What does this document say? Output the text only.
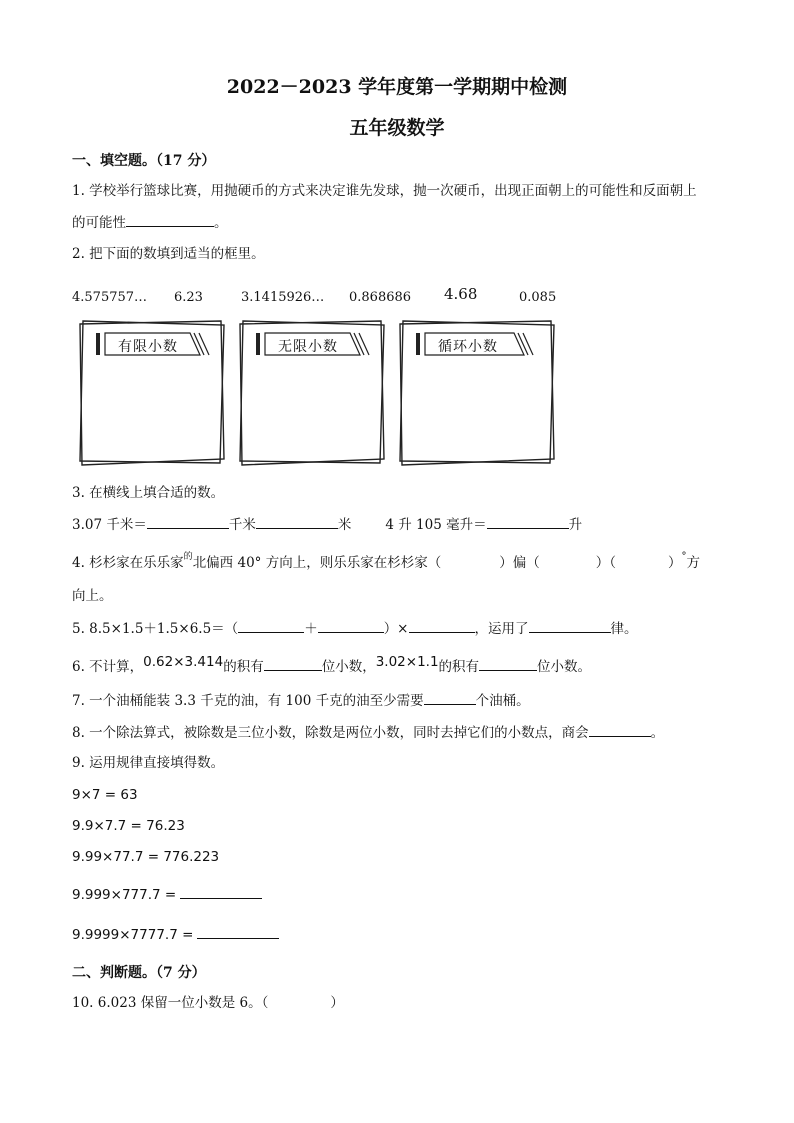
2022－2023 学年度第一学期期中检测
五年级数学
一、填空题。（17 分）
1. 学校举行篮球比赛，用抛硬币的方式来决定谁先发球，抛一次硬币，出现正面朝上的可能性和反面朝上
的可能性	。
2. 把下面的数填到适当的框里。
4.575757… 6.23	3.1415926… 0.868686 4.68	0.085
有限小数	无限小数	循环小数
3. 在横线上填合适的数。
3.07 千米＝	千米	米	4 升 105 毫升＝	升
4. 杉杉家在乐乐家$^的$北偏西 40° 方向上，则乐乐家在杉杉家（	）偏（	）（	）°方
向上。
5. 8.5×1.5＋1.5×6.5＝（	＋	）×	，运用了	律。
6. 不计算，0.62×3.414的积有	位小数，3.02×1.1的积有	位小数。
7. 一个油桶能装 3.3 千克的油，有 100 千克的油至少需要	个油桶。
8. 一个除法算式，被除数是三位小数，除数是两位小数，同时去掉它们的小数点，商会	。
9. 运用规律直接填得数。
9×7 = 63
9.9×7.7 = 76.23
9.99×77.7 = 776.223
9.999×777.7 =
9.9999×7777.7 =
二、判断题。（7 分）
10. 6.023 保留一位小数是 6。（	）
